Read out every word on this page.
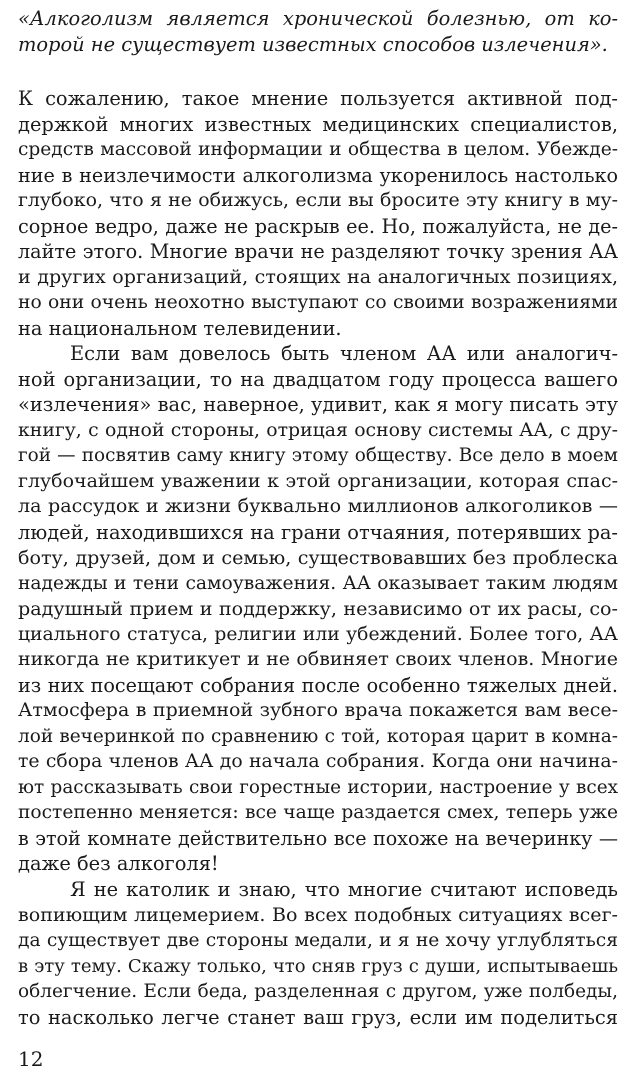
«Алкоголизм является хронической болезнью, от ко-
торой не существует известных способов излечения».
К сожалению, такое мнение пользуется активной под-
держкой многих известных медицинских специалистов,
средств массовой информации и общества в целом. Убежде-
ние в неизлечимости алкоголизма укоренилось настолько
глубоко, что я не обижусь, если вы бросите эту книгу в му-
сорное ведро, даже не раскрыв ее. Но, пожалуйста, не де-
лайте этого. Многие врачи не разделяют точку зрения АА
и других организаций, стоящих на аналогичных позициях,
но они очень неохотно выступают со своими возражениями
на национальном телевидении.
Если вам довелось быть членом АА или аналогич-
ной организации, то на двадцатом году процесса вашего
«излечения» вас, наверное, удивит, как я могу писать эту
книгу, с одной стороны, отрицая основу системы АА, с дру-
гой — посвятив саму книгу этому обществу. Все дело в моем
глубочайшем уважении к этой организации, которая спас-
ла рассудок и жизни буквально миллионов алкоголиков —
людей, находившихся на грани отчаяния, потерявших ра-
боту, друзей, дом и семью, существовавших без проблеска
надежды и тени самоуважения. АА оказывает таким людям
радушный прием и поддержку, независимо от их расы, со-
циального статуса, религии или убеждений. Более того, АА
никогда не критикует и не обвиняет своих членов. Многие
из них посещают собрания после особенно тяжелых дней.
Атмосфера в приемной зубного врача покажется вам весе-
лой вечеринкой по сравнению с той, которая царит в комна-
те сбора членов АА до начала собрания. Когда они начина-
ют рассказывать свои горестные истории, настроение у всех
постепенно меняется: все чаще раздается смех, теперь уже
в этой комнате действительно все похоже на вечеринку —
даже без алкоголя!
Я не католик и знаю, что многие считают исповедь
вопиющим лицемерием. Во всех подобных ситуациях всег-
да существует две стороны медали, и я не хочу углубляться
в эту тему. Скажу только, что сняв груз с души, испытываешь
облегчение. Если беда, разделенная с другом, уже полбеды,
то насколько легче станет ваш груз, если им поделиться
12
